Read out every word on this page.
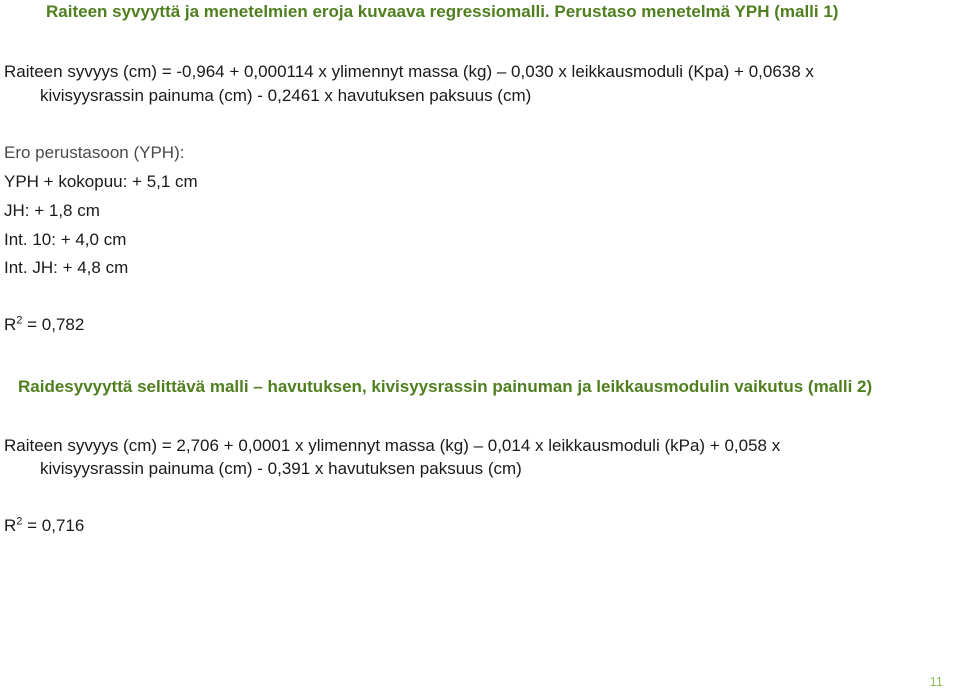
Raiteen syvyyttä ja menetelmien eroja kuvaava regressiomalli. Perustaso menetelmä YPH (malli 1)
Raiteen syvyys (cm) = -0,964 + 0,000114 x ylimennyt massa (kg) – 0,030 x leikkausmoduli (Kpa) + 0,0638 x
kivisyysrassin painuma (cm) - 0,2461 x havutuksen paksuus (cm)
Ero perustasoon (YPH):
YPH + kokopuu: + 5,1 cm
JH: + 1,8 cm
Int. 10: + 4,0 cm
Int. JH: + 4,8 cm
$R^2 = 0,782$
Raidesyvyyttä selittävä malli – havutuksen, kivisyysrassin painuman ja leikkausmodulin vaikutus (malli 2)
Raiteen syvyys (cm) = 2,706 + 0,0001 x ylimennyt massa (kg) – 0,014 x leikkausmoduli (kPa) + 0,058 x
kivisyysrassin painuma (cm) - 0,391 x havutuksen paksuus (cm)
$R^2 = 0,716$
11
